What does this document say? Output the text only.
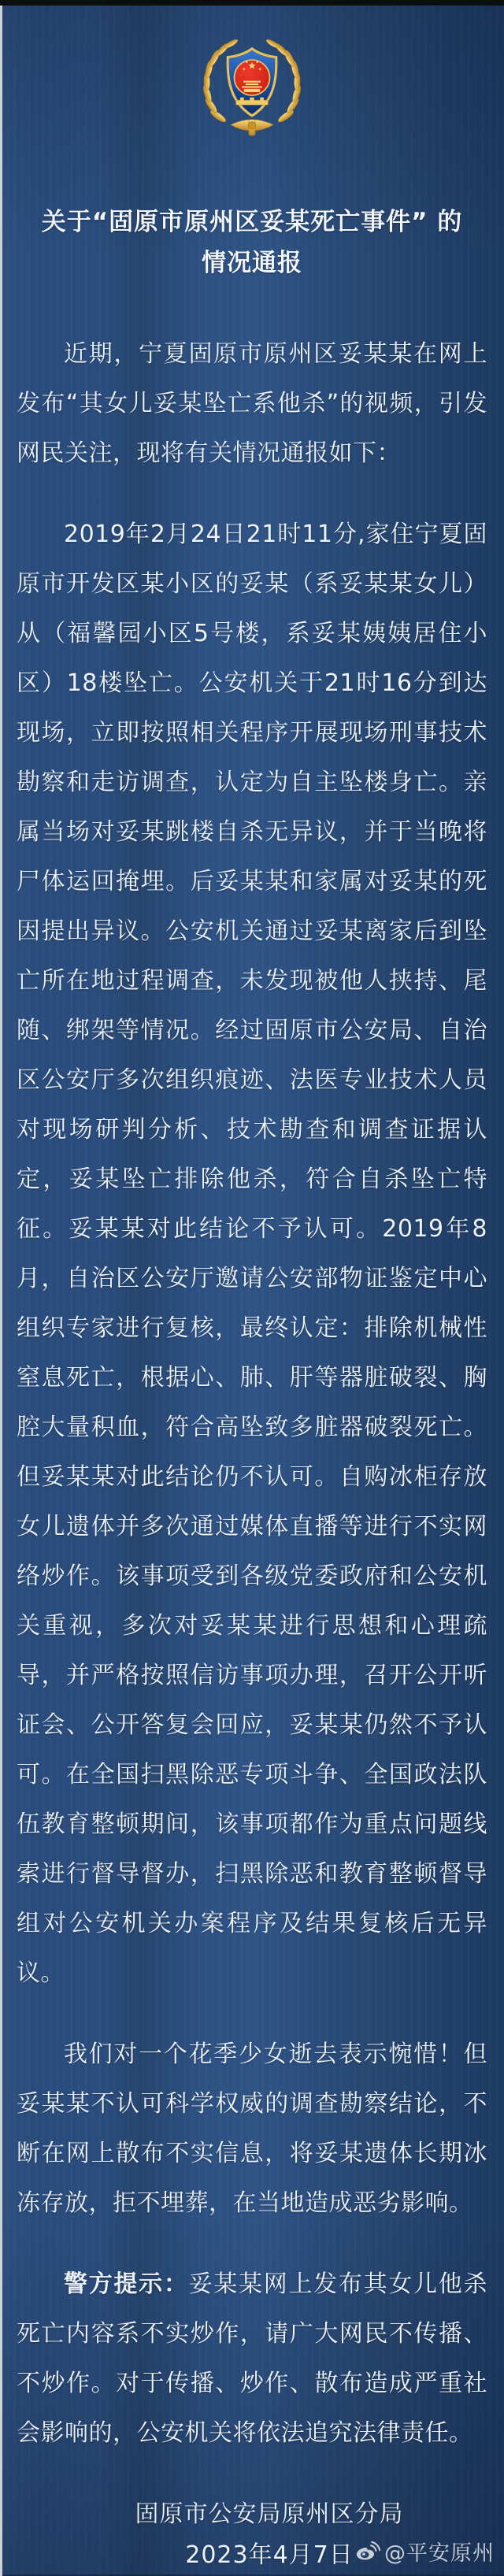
关于“固原市原州区妥某死亡事件” 的
情况通报

近期，宁夏固原市原州区妥某某在网上发布“其女儿妥某坠亡系他杀”的视频，引发网民关注，现将有关情况通报如下：

2019年2月24日21时11分,家住宁夏固原市开发区某小区的妥某（系妥某某女儿）从（福馨园小区5号楼，系妥某姨姨居住小区）18楼坠亡。公安机关于21时16分到达现场，立即按照相关程序开展现场刑事技术勘察和走访调查，认定为自主坠楼身亡。亲属当场对妥某跳楼自杀无异议，并于当晚将尸体运回掩埋。后妥某某和家属对妥某的死因提出异议。公安机关通过妥某离家后到坠亡所在地过程调查，未发现被他人挟持、尾随、绑架等情况。经过固原市公安局、自治区公安厅多次组织痕迹、法医专业技术人员对现场研判分析、技术勘查和调查证据认定，妥某坠亡排除他杀，符合自杀坠亡特征。妥某某对此结论不予认可。2019年8月，自治区公安厅邀请公安部物证鉴定中心组织专家进行复核，最终认定：排除机械性窒息死亡，根据心、肺、肝等器脏破裂、胸腔大量积血，符合高坠致多脏器破裂死亡。但妥某某对此结论仍不认可。自购冰柜存放女儿遗体并多次通过媒体直播等进行不实网络炒作。该事项受到各级党委政府和公安机关重视，多次对妥某某进行思想和心理疏导，并严格按照信访事项办理，召开公开听证会、公开答复会回应，妥某某仍然不予认可。在全国扫黑除恶专项斗争、全国政法队伍教育整顿期间，该事项都作为重点问题线索进行督导督办，扫黑除恶和教育整顿督导组对公安机关办案程序及结果复核后无异议。

我们对一个花季少女逝去表示惋惜！但妥某某不认可科学权威的调查勘察结论，不断在网上散布不实信息，将妥某遗体长期冰冻存放，拒不埋葬，在当地造成恶劣影响。

警方提示：妥某某网上发布其女儿他杀死亡内容系不实炒作，请广大网民不传播、不炒作。对于传播、炒作、散布造成严重社会影响的，公安机关将依法追究法律责任。

固原市公安局原州区分局
2023年4月7日	@平安原州
